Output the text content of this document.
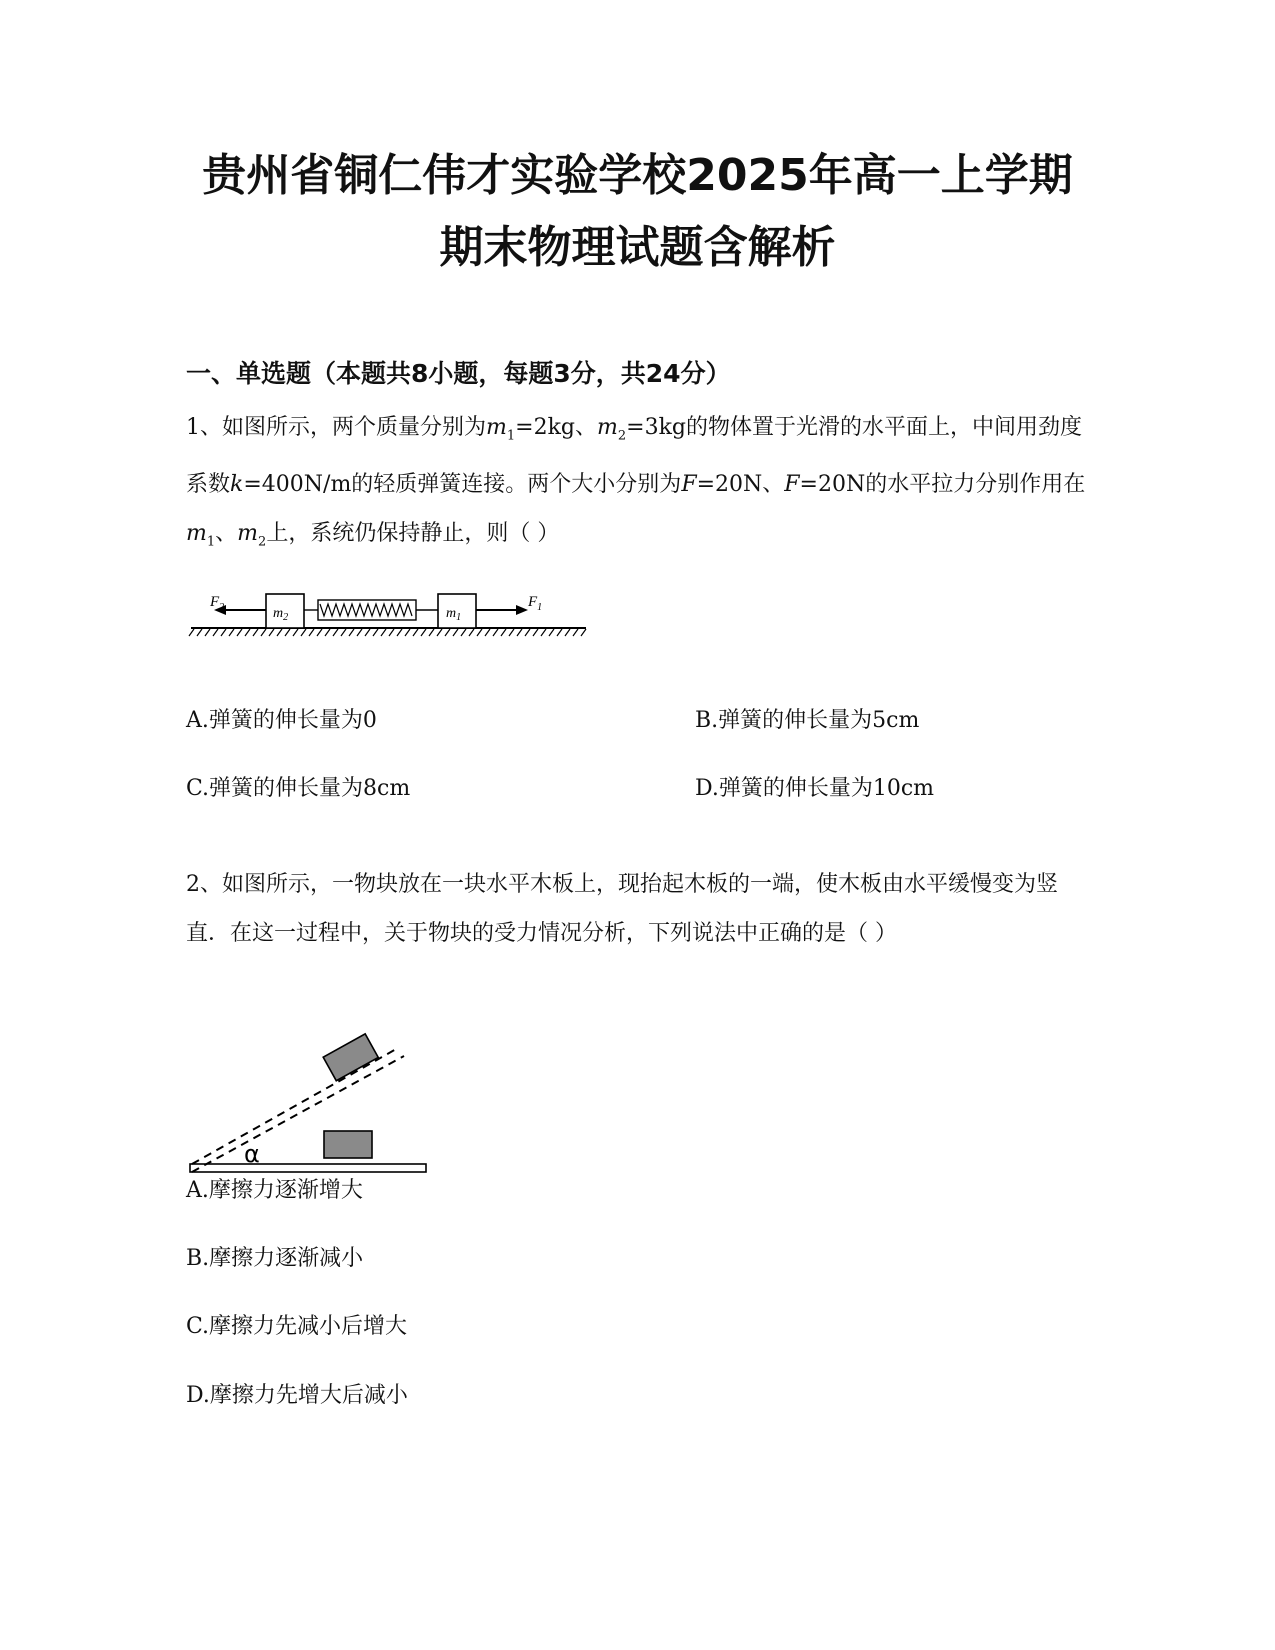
贵州省铜仁伟才实验学校2025年高一上学期
期末物理试题含解析
一、单选题（本题共8小题，每题3分，共24分）
1、如图所示，两个质量分别为$m_1=2kg$、$m_2=3kg$的物体置于光滑的水平面上，中间用劲度系数k=400N/m的轻质弹簧连接。两个大小分别为F=20N、F=20N的水平拉力分别作用在$m_1$、$m_2$上，系统仍保持静止，则（ ）
$F_2$	$m_2$	$m_1$
$F_1$
A.弹簧的伸长量为0	B.弹簧的伸长量为5cm
C.弹簧的伸长量为8cm	D.弹簧的伸长量为10cm
2、如图所示，一物块放在一块水平木板上，现抬起木板的一端，使木板由水平缓慢变为竖直．在这一过程中，关于物块的受力情况分析，下列说法中正确的是（ ）
α
A.摩擦力逐渐增大
B.摩擦力逐渐减小
C.摩擦力先减小后增大
D.摩擦力先增大后减小
